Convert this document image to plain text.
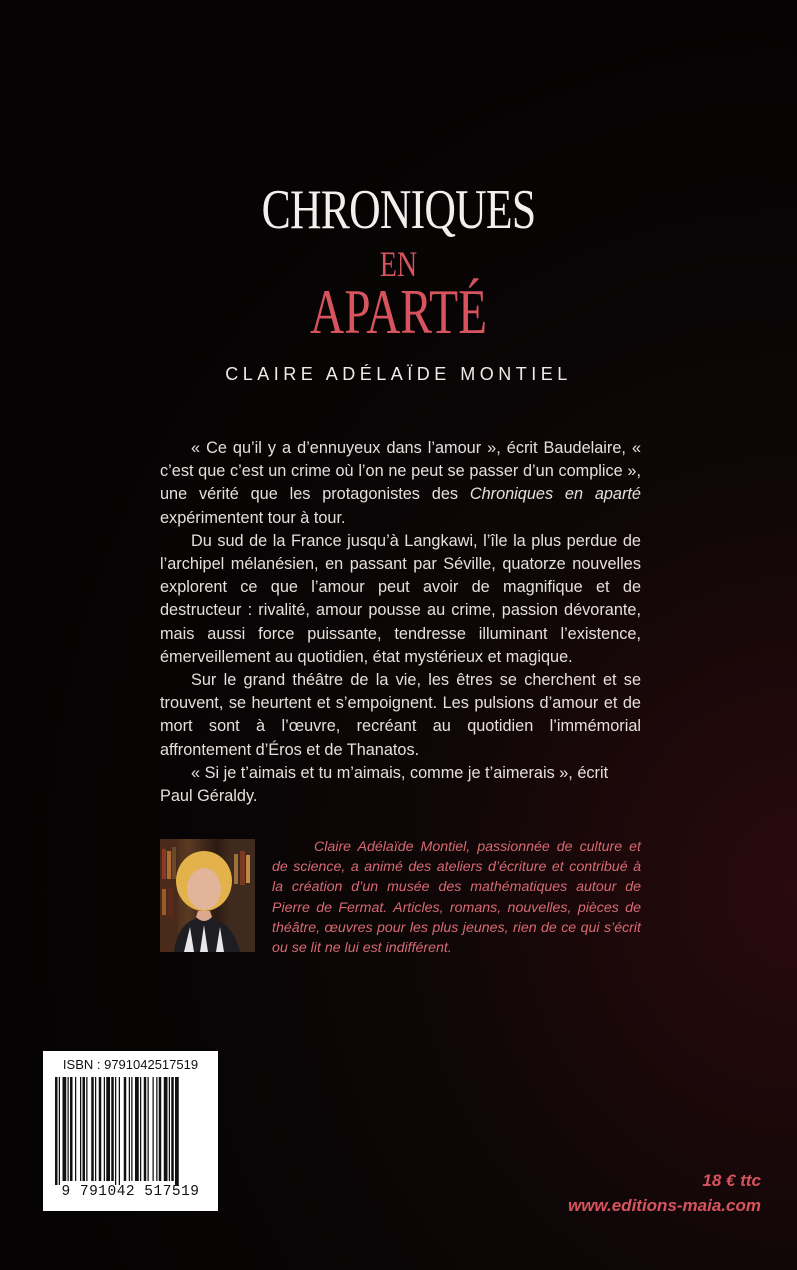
CHRONIQUES
EN
APARTÉ
CLAIRE ADÉLAÏDE MONTIEL

« Ce qu’il y a d’ennuyeux dans l’amour », écrit Baudelaire, « c’est que c’est un crime où l’on ne peut se passer d’un complice », une vérité que les protagonistes des Chroniques en aparté expérimentent tour à tour.

Du sud de la France jusqu’à Langkawi, l’île la plus perdue de l’archipel mélanésien, en passant par Séville, quatorze nouvelles explorent ce que l’amour peut avoir de magnifique et de destructeur : rivalité, amour pousse au crime, passion dévorante, mais aussi force puissante, tendresse illuminant l’existence, émerveillement au quotidien, état mystérieux et magique.

Sur le grand théâtre de la vie, les êtres se cherchent et se trouvent, se heurtent et s’empoignent. Les pulsions d’amour et de mort sont à l’œuvre, recréant au quotidien l’immémorial affrontement d’Éros et de Thanatos.

« Si je t’aimais et tu m’aimais, comme je t’aimerais », écrit Paul Géraldy.

Claire Adélaïde Montiel, passionnée de culture et de science, a animé des ateliers d’écriture et contribué à la création d’un musée des mathématiques autour de Pierre de Fermat. Articles, romans, nouvelles, pièces de théâtre, œuvres pour les plus jeunes, rien de ce qui s’écrit ou se lit ne lui est indifférent.
ISBN : 9791042517519
9 791042 517519
18 € ttc
www.editions-maia.com
